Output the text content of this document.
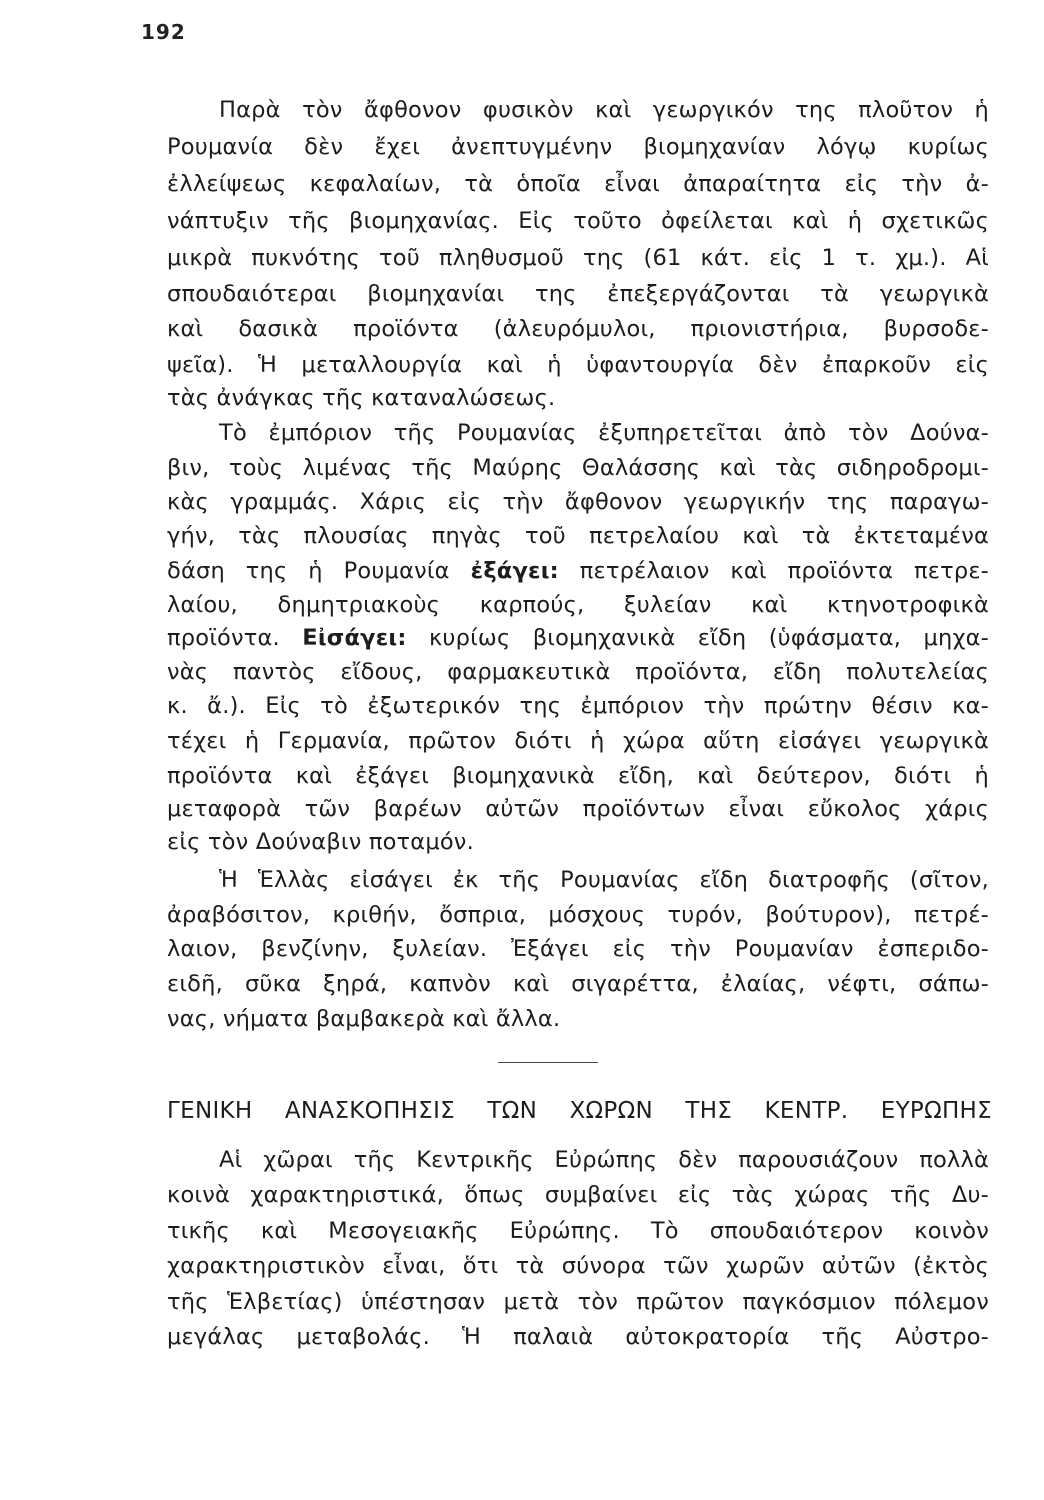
192
Παρὰ τὸν ἄφθονον φυσικὸν καὶ γεωργικόν της πλοῦτον ἡ
Ρουμανία δὲν ἔχει ἀνεπτυγμένην βιομηχανίαν λόγῳ κυρίως
ἐλλείψεως κεφαλαίων, τὰ ὁποῖα εἶναι ἀπαραίτητα εἰς τὴν ἀ-
νάπτυξιν τῆς βιομηχανίας. Εἰς τοῦτο ὀφείλεται καὶ ἡ σχετικῶς
μικρὰ πυκνότης τοῦ πληθυσμοῦ της (61 κάτ. εἰς 1 τ. χμ.). Αἱ
σπουδαιότεραι βιομηχανίαι της ἐπεξεργάζονται τὰ γεωργικὰ
καὶ δασικὰ προϊόντα (ἀλευρόμυλοι, πριονιστήρια, βυρσοδε-
ψεῖα). Ἡ μεταλλουργία καὶ ἡ ὑφαντουργία δὲν ἐπαρκοῦν εἰς
τὰς ἀνάγκας τῆς καταναλώσεως.
Τὸ ἐμπόριον τῆς Ρουμανίας ἐξυπηρετεῖται ἀπὸ τὸν Δούνα-
βιν, τοὺς λιμένας τῆς Μαύρης Θαλάσσης καὶ τὰς σιδηροδρομι-
κὰς γραμμάς. Χάρις εἰς τὴν ἄφθονον γεωργικήν της παραγω-
γήν, τὰς πλουσίας πηγὰς τοῦ πετρελαίου καὶ τὰ ἐκτεταμένα
δάση της ἡ Ρουμανία ἐξάγει: πετρέλαιον καὶ προϊόντα πετρε-
λαίου, δημητριακοὺς καρπούς, ξυλείαν καὶ κτηνοτροφικὰ
προϊόντα. Εἰσάγει: κυρίως βιομηχανικὰ εἴδη (ὑφάσματα, μηχα-
νὰς παντὸς εἴδους, φαρμακευτικὰ προϊόντα, εἴδη πολυτελείας
κ. ἄ.). Εἰς τὸ ἐξωτερικόν της ἐμπόριον τὴν πρώτην θέσιν κα-
τέχει ἡ Γερμανία, πρῶτον διότι ἡ χώρα αὕτη εἰσάγει γεωργικὰ
προϊόντα καὶ ἐξάγει βιομηχανικὰ εἴδη, καὶ δεύτερον, διότι ἡ
μεταφορὰ τῶν βαρέων αὐτῶν προϊόντων εἶναι εὔκολος χάρις
εἰς τὸν Δούναβιν ποταμόν.
Ἡ Ἑλλὰς εἰσάγει ἐκ τῆς Ρουμανίας εἴδη διατροφῆς (σῖτον,
ἀραβόσιτον, κριθήν, ὄσπρια, μόσχους τυρόν, βούτυρον), πετρέ-
λαιον, βενζίνην, ξυλείαν. Ἐξάγει εἰς τὴν Ρουμανίαν ἐσπεριδο-
ειδῆ, σῦκα ξηρά, καπνὸν καὶ σιγαρέττα, ἐλαίας, νέφτι, σάπω-
νας, νήματα βαμβακερὰ καὶ ἄλλα.
ΓΕΝΙΚΗ ΑΝΑΣΚΟΠΗΣΙΣ ΤΩΝ ΧΩΡΩΝ ΤΗΣ ΚΕΝΤΡ. ΕΥΡΩΠΗΣ
Αἱ χῶραι τῆς Κεντρικῆς Εὐρώπης δὲν παρουσιάζουν πολλὰ
κοινὰ χαρακτηριστικά, ὅπως συμβαίνει εἰς τὰς χώρας τῆς Δυ-
τικῆς καὶ Μεσογειακῆς Εὐρώπης. Τὸ σπουδαιότερον κοινὸν
χαρακτηριστικὸν εἶναι, ὅτι τὰ σύνορα τῶν χωρῶν αὐτῶν (ἐκτὸς
τῆς Ἑλβετίας) ὑπέστησαν μετὰ τὸν πρῶτον παγκόσμιον πόλεμον
μεγάλας μεταβολάς. Ἡ παλαιὰ αὐτοκρατορία τῆς Αὐστρο-
